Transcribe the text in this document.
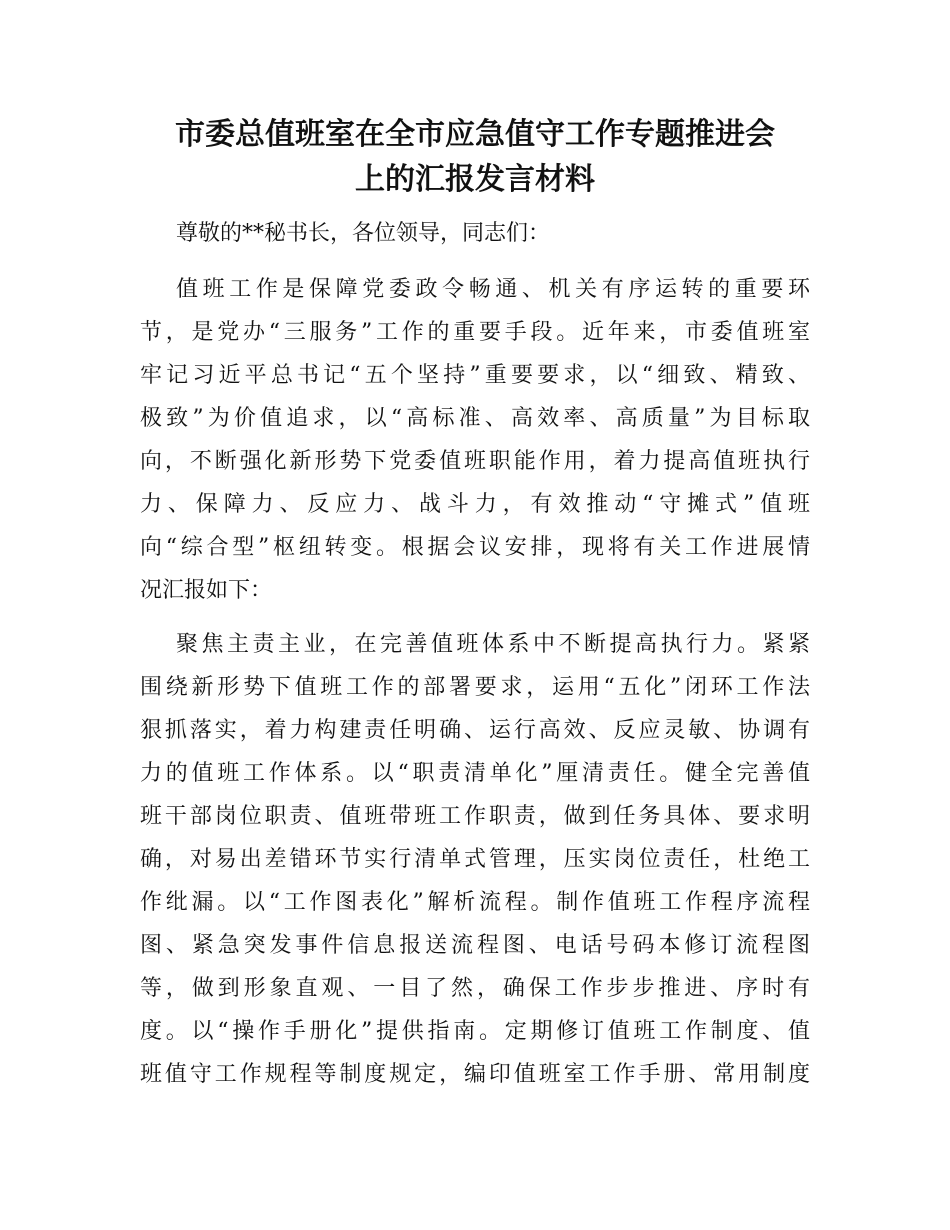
市委总值班室在全市应急值守工作专题推进会
上的汇报发言材料
尊敬的**秘书长，各位领导，同志们：
值班工作是保障党委政令畅通、机关有序运转的重要环
节，是党办“三服务”工作的重要手段。近年来，市委值班室
牢记习近平总书记“五个坚持”重要要求，以“细致、精致、
极致”为价值追求，以“高标准、高效率、高质量”为目标取
向，不断强化新形势下党委值班职能作用，着力提高值班执行
力、保障力、反应力、战斗力，有效推动“守摊式”值班
向“综合型”枢纽转变。根据会议安排，现将有关工作进展情
况汇报如下：
聚焦主责主业，在完善值班体系中不断提高执行力。紧紧
围绕新形势下值班工作的部署要求，运用“五化”闭环工作法
狠抓落实，着力构建责任明确、运行高效、反应灵敏、协调有
力的值班工作体系。以“职责清单化”厘清责任。健全完善值
班干部岗位职责、值班带班工作职责，做到任务具体、要求明
确，对易出差错环节实行清单式管理，压实岗位责任，杜绝工
作纰漏。以“工作图表化”解析流程。制作值班工作程序流程
图、紧急突发事件信息报送流程图、电话号码本修订流程图
等，做到形象直观、一目了然，确保工作步步推进、序时有
度。以“操作手册化”提供指南。定期修订值班工作制度、值
班值守工作规程等制度规定，编印值班室工作手册、常用制度
